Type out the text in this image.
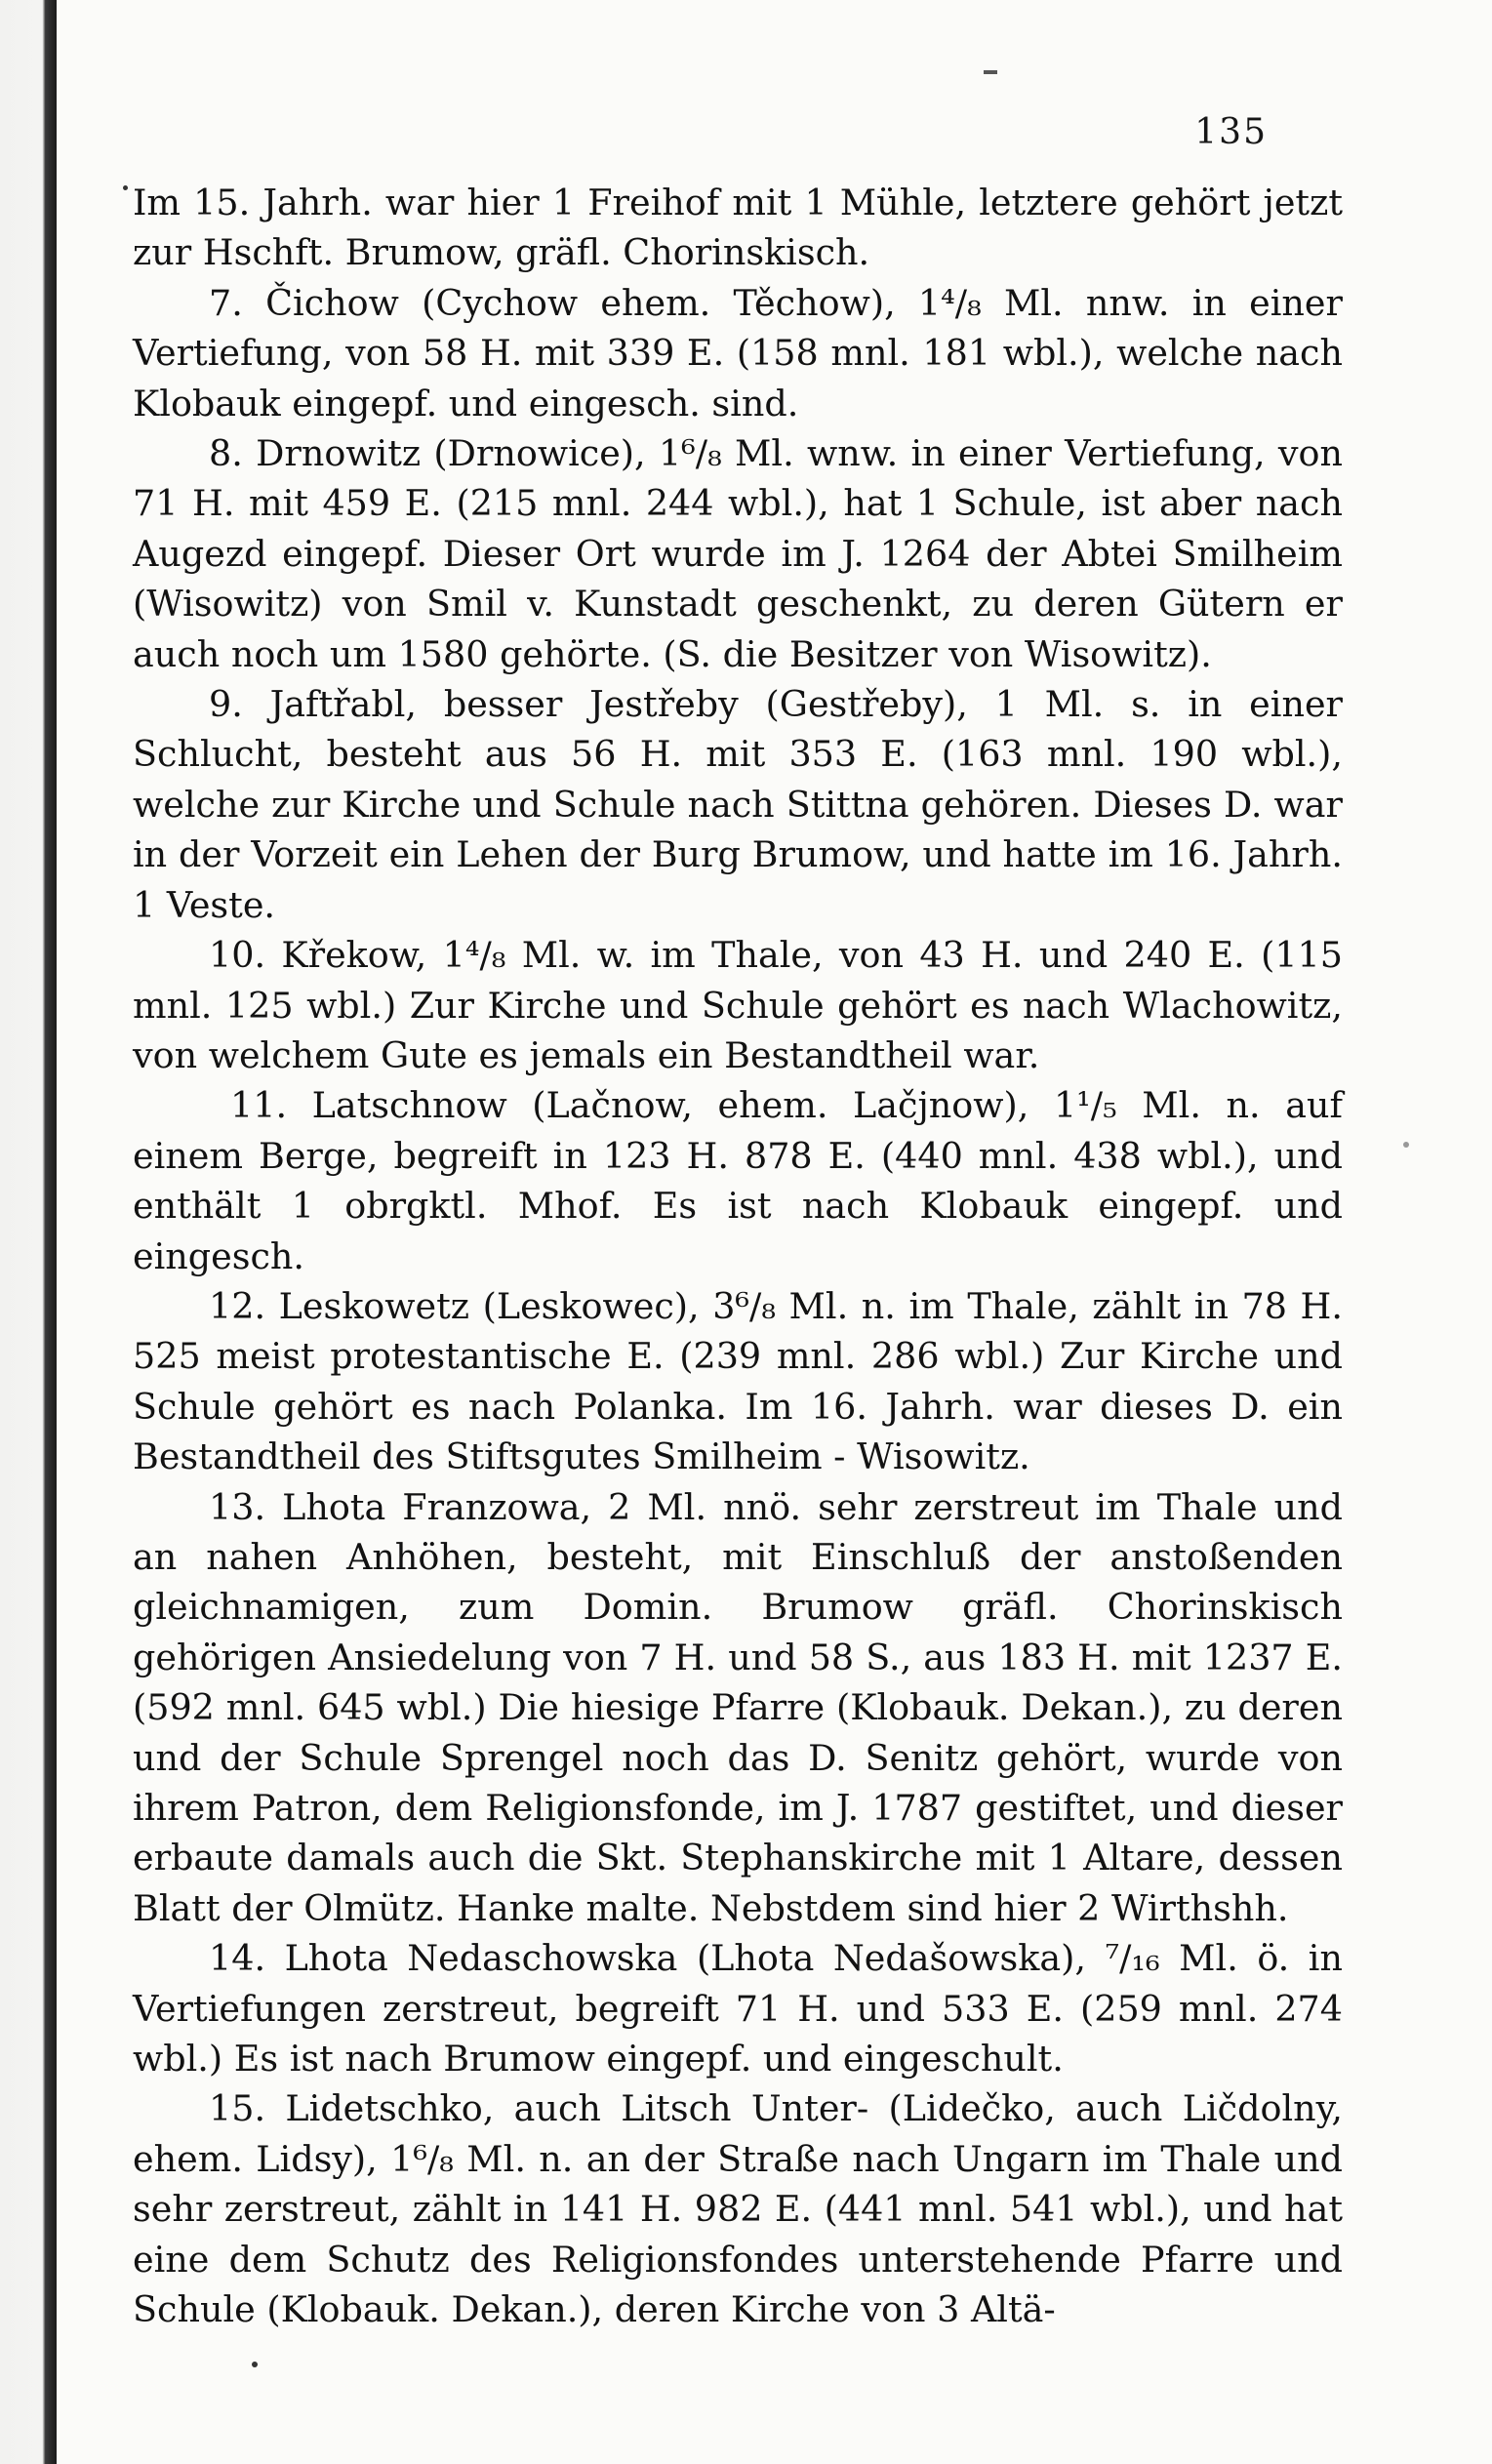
135

Im 15. Jahrh. war hier 1 Freihof mit 1 Mühle, letztere gehört jetzt zur Hschft. Brumow, gräfl. Chorinskisch.

7. Čichow (Cychow ehem. Těchow), 1⁴/₈ Ml. nnw. in einer Vertiefung, von 58 H. mit 339 E. (158 mnl. 181 wbl.), welche nach Klobauk eingepf. und eingesch. sind.

8. Drnowitz (Drnowice), 1⁶/₈ Ml. wnw. in einer Vertiefung, von 71 H. mit 459 E. (215 mnl. 244 wbl.), hat 1 Schule, ist aber nach Augezd eingepf. Dieser Ort wurde im J. 1264 der Abtei Smilheim (Wisowitz) von Smil v. Kunstadt geschenkt, zu deren Gütern er auch noch um 1580 gehörte. (S. die Besitzer von Wisowitz).

9. Jaftřabl, besser Jestřeby (Gestřeby), 1 Ml. s. in einer Schlucht, besteht aus 56 H. mit 353 E. (163 mnl. 190 wbl.), welche zur Kirche und Schule nach Stittna gehören. Dieses D. war in der Vorzeit ein Lehen der Burg Brumow, und hatte im 16. Jahrh. 1 Veste.

10. Křekow, 1⁴/₈ Ml. w. im Thale, von 43 H. und 240 E. (115 mnl. 125 wbl.) Zur Kirche und Schule gehört es nach Wlachowitz, von welchem Gute es jemals ein Bestandtheil war.

11. Latschnow (Lačnow, ehem. Lačjnow), 1¹/₅ Ml. n. auf einem Berge, begreift in 123 H. 878 E. (440 mnl. 438 wbl.), und enthält 1 obrgktl. Mhof. Es ist nach Klobauk eingepf. und eingesch.

12. Leskowetz (Leskowec), 3⁶/₈ Ml. n. im Thale, zählt in 78 H. 525 meist protestantische E. (239 mnl. 286 wbl.) Zur Kirche und Schule gehört es nach Polanka. Im 16. Jahrh. war dieses D. ein Bestandtheil des Stiftsgutes Smilheim - Wisowitz.

13. Lhota Franzowa, 2 Ml. nnö. sehr zerstreut im Thale und an nahen Anhöhen, besteht, mit Einschluß der anstoßenden gleichnamigen, zum Domin. Brumow gräfl. Chorinskisch gehörigen Ansiedelung von 7 H. und 58 S., aus 183 H. mit 1237 E. (592 mnl. 645 wbl.) Die hiesige Pfarre (Klobauk. Dekan.), zu deren und der Schule Sprengel noch das D. Senitz gehört, wurde von ihrem Patron, dem Religionsfonde, im J. 1787 gestiftet, und dieser erbaute damals auch die Skt. Stephanskirche mit 1 Altare, dessen Blatt der Olmütz. Hanke malte. Nebstdem sind hier 2 Wirthshh.

14. Lhota Nedaschowska (Lhota Nedašowska), ⁷/₁₆ Ml. ö. in Vertiefungen zerstreut, begreift 71 H. und 533 E. (259 mnl. 274 wbl.) Es ist nach Brumow eingepf. und eingeschult.

15. Lidetschko, auch Litsch Unter- (Lidečko, auch Ličdolny, ehem. Lidsy), 1⁶/₈ Ml. n. an der Straße nach Ungarn im Thale und sehr zerstreut, zählt in 141 H. 982 E. (441 mnl. 541 wbl.), und hat eine dem Schutz des Religionsfondes unterstehende Pfarre und Schule (Klobauk. Dekan.), deren Kirche von 3 Altä-
